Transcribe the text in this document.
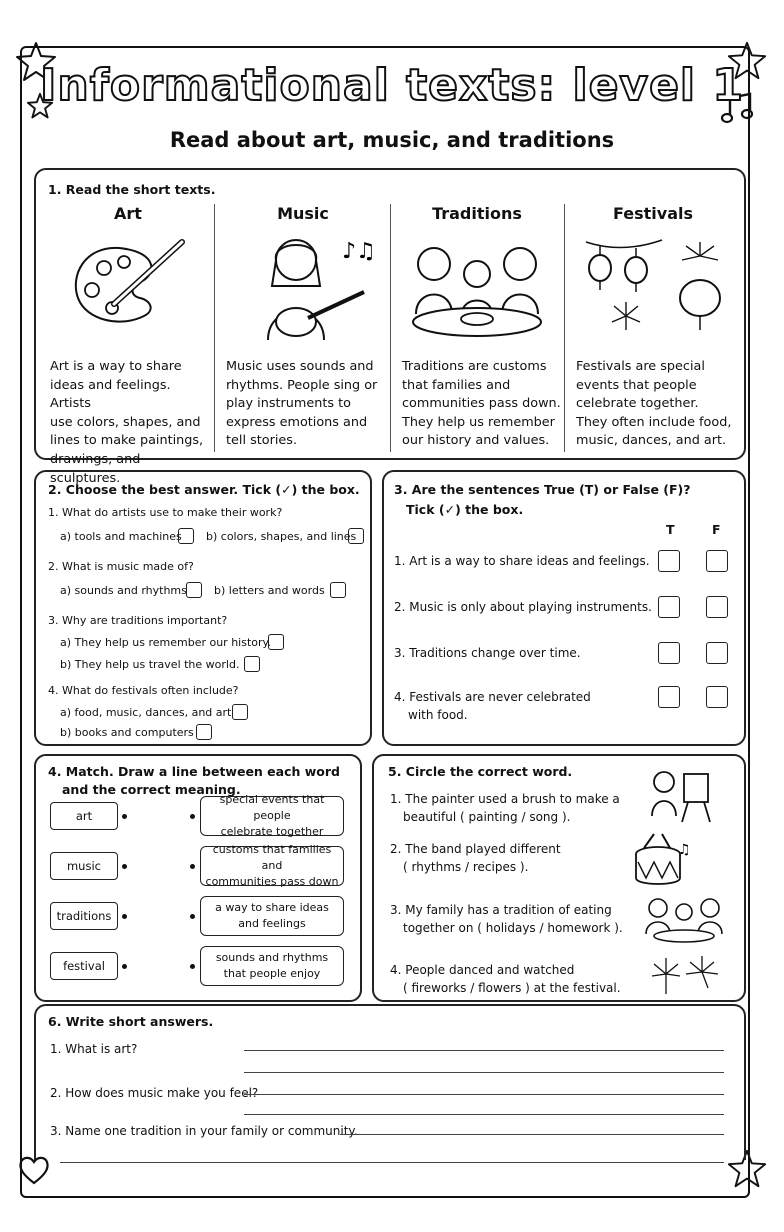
Informational texts: level 1
Read about art, music, and traditions
1. Read the short texts.
Art
Art is a way to share
ideas and feelings. Artists
use colors, shapes, and
lines to make paintings,
drawings, and sculptures.
Music
♪♫
Music uses sounds and
rhythms. People sing or
play instruments to
express emotions and
tell stories.
Traditions
Traditions are customs
that families and
communities pass down.
They help us remember
our history and values.
Festivals
Festivals are special
events that people
celebrate together.
They often include food,
music, dances, and art.
2. Choose the best answer. Tick (✓) the box.
1. What do artists use to make their work?
a) tools and machines b) colors, shapes, and lines
2. What is music made of?
a) sounds and rhythms b) letters and words
3. Why are traditions important?
a) They help us remember our history.
b) They help us travel the world.
4. What do festivals often include?
a) food, music, dances, and art
b) books and computers
3. Are the sentences True (T) or False (F)?
Tick (✓) the box.
T	F
1. Art is a way to share ideas and feelings.
2. Music is only about playing instruments.
3. Traditions change over time.
4. Festivals are never celebrated
with food.
4. Match. Draw a line between each word
and the correct meaning.
art
music
traditions
festival
special events that people
celebrate together
customs that families and
communities pass down
a way to share ideas
and feelings
sounds and rhythms
that people enjoy
5. Circle the correct word.
1. The painter used a brush to make a
beautiful ( painting / song ).
2. The band played different
( rhythms / recipes ).
3. My family has a tradition of eating
together on ( holidays / homework ).
4. People danced and watched
( fireworks / flowers ) at the festival.
♫
6. Write short answers.
1. What is art?
2. How does music make you feel?
3. Name one tradition in your family or community.
